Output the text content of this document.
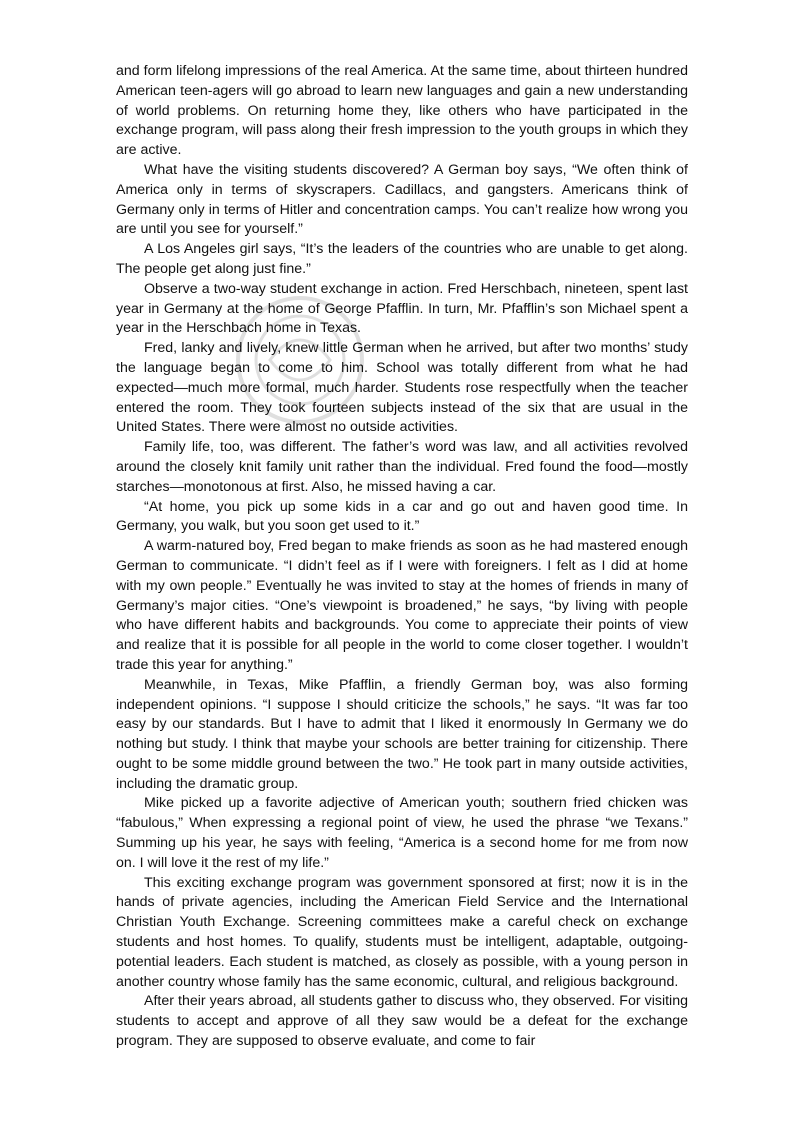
and form lifelong impressions of the real America. At the same time, about thirteen hundred American teen-agers will go abroad to learn new languages and gain a new understanding of world problems. On returning home they, like others who have participated in the exchange program, will pass along their fresh impression to the youth groups in which they are active.

What have the visiting students discovered? A German boy says, “We often think of America only in terms of skyscrapers. Cadillacs, and gangsters. Americans think of Germany only in terms of Hitler and concentration camps. You can’t realize how wrong you are until you see for yourself.”

A Los Angeles girl says, “It’s the leaders of the countries who are unable to get along. The people get along just fine.”

Observe a two-way student exchange in action. Fred Herschbach, nineteen, spent last year in Germany at the home of George Pfafflin. In turn, Mr. Pfafflin’s son Michael spent a year in the Herschbach home in Texas.

Fred, lanky and lively, knew little German when he arrived, but after two months’ study the language began to come to him. School was totally different from what he had expected—much more formal, much harder. Students rose respectfully when the teacher entered the room. They took fourteen subjects instead of the six that are usual in the United States. There were almost no outside activities.

Family life, too, was different. The father’s word was law, and all activities revolved around the closely knit family unit rather than the individual. Fred found the food—mostly starches—monotonous at first. Also, he missed having a car.

“At home, you pick up some kids in a car and go out and haven good time. In Germany, you walk, but you soon get used to it.”

A warm-natured boy, Fred began to make friends as soon as he had mastered enough German to communicate. “I didn’t feel as if I were with foreigners. I felt as I did at home with my own people.” Eventually he was invited to stay at the homes of friends in many of Germany’s major cities. “One’s viewpoint is broadened,” he says, “by living with people who have different habits and backgrounds. You come to appreciate their points of view and realize that it is possible for all people in the world to come closer together. I wouldn’t trade this year for anything.”

Meanwhile, in Texas, Mike Pfafflin, a friendly German boy, was also forming independent opinions. “I suppose I should criticize the schools,” he says. “It was far too easy by our standards. But I have to admit that I liked it enormously In Germany we do nothing but study. I think that maybe your schools are better training for citizenship. There ought to be some middle ground between the two.” He took part in many outside activities, including the dramatic group.

Mike picked up a favorite adjective of American youth; southern fried chicken was “fabulous,” When expressing a regional point of view, he used the phrase “we Texans.” Summing up his year, he says with feeling, “America is a second home for me from now on. I will love it the rest of my life.”

This exciting exchange program was government sponsored at first; now it is in the hands of private agencies, including the American Field Service and the International Christian Youth Exchange. Screening committees make a careful check on exchange students and host homes. To qualify, students must be intelligent, adaptable, outgoing-potential leaders. Each student is matched, as closely as possible, with a young person in another country whose family has the same economic, cultural, and religious background.

After their years abroad, all students gather to discuss who, they observed. For visiting students to accept and approve of all they saw would be a defeat for the exchange program. They are supposed to observe evaluate, and come to fair
